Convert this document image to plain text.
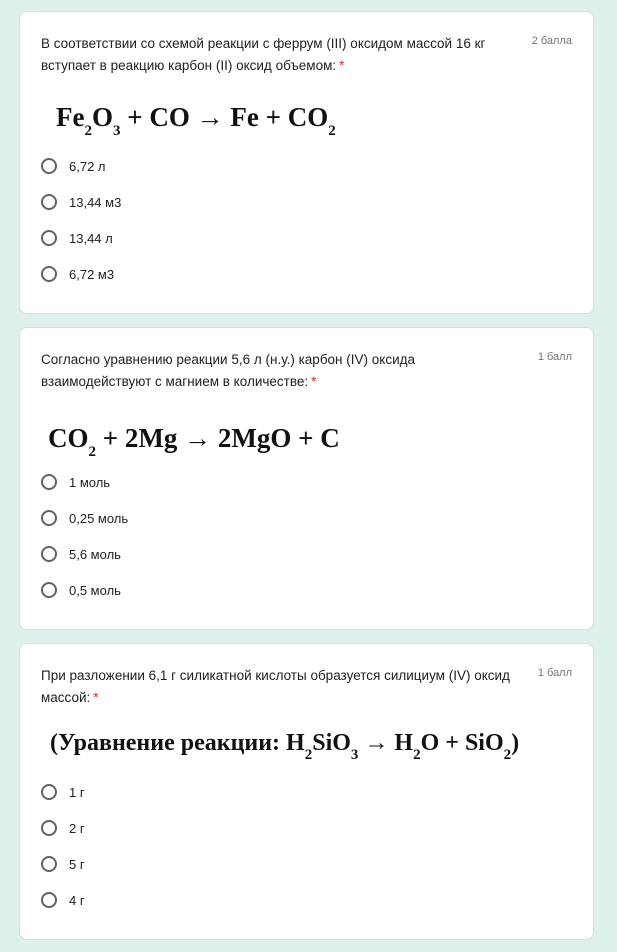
В соответствии со схемой реакции с феррум (III) оксидом массой 16 кг вступает в реакцию карбон (II) оксид объемом: *
2 балла
$Fe_2O_3$ + CO → $Fe + CO_2$
6,72 л
13,44 м3
13,44 л
6,72 м3
Согласно уравнению реакции 5,6 л (н.у.) карбон (IV) оксида взаимодействуют с магнием в количестве: *
1 балл
$CO_2 + 2Mg \to 2MgO + C$
1 моль
0,25 моль
5,6 моль
0,5 моль
При разложении 6,1 г силикатной кислоты образуется силициум (IV) оксид массой: *
1 балл
(Уравнение реакции: $H_2SiO_3 \to H_2O + SiO_2$)
1 г
2 г
5 г
4 г
